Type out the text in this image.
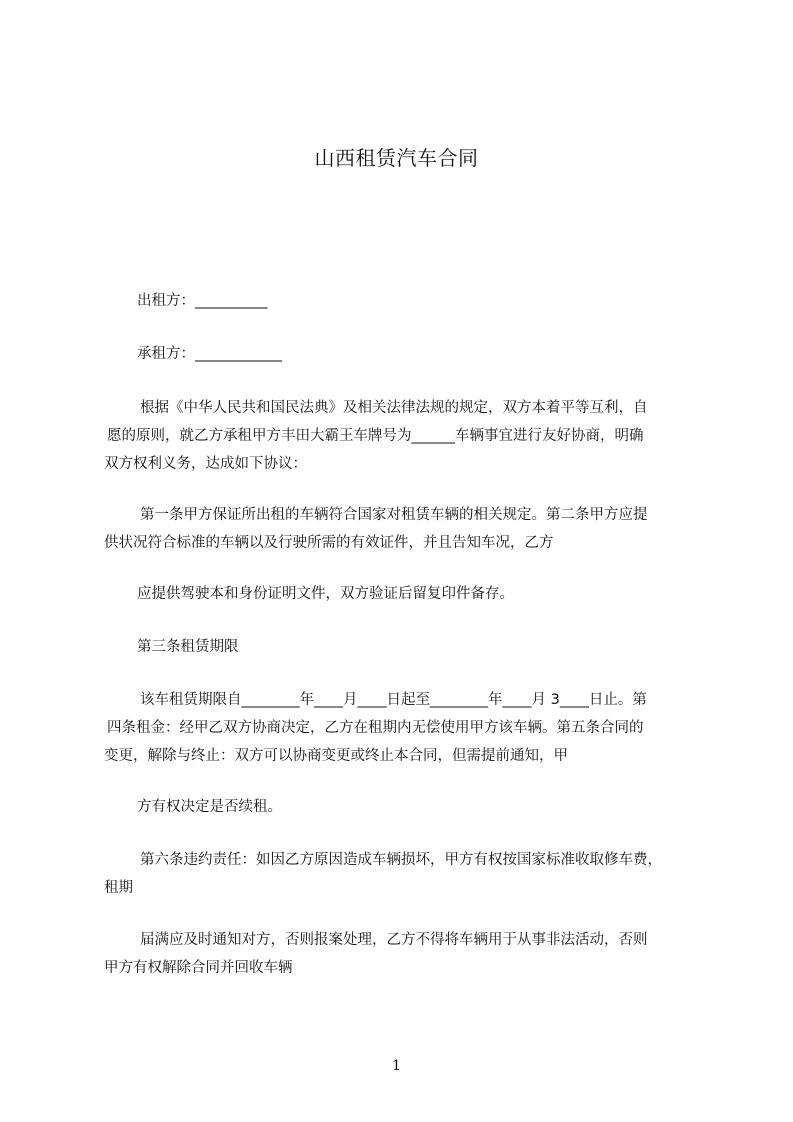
山西租赁汽车合同
出租方：__________
承租方：____________
根据《中华人民共和国民法典》及相关法律法规的规定，双方本着平等互利，自
愿的原则，就乙方承租甲方丰田大霸王车牌号为______车辆事宜进行友好协商，明确
双方权利义务，达成如下协议：
第一条甲方保证所出租的车辆符合国家对租赁车辆的相关规定。第二条甲方应提
供状况符合标准的车辆以及行驶所需的有效证件，并且告知车况，乙方
应提供驾驶本和身份证明文件，双方验证后留复印件备存。
第三条租赁期限
该车租赁期限自________年____月____日起至________年____月 3____日止。第
四条租金：经甲乙双方协商决定，乙方在租期内无偿使用甲方该车辆。第五条合同的
变更，解除与终止：双方可以协商变更或终止本合同，但需提前通知，甲
方有权决定是否续租。
第六条违约责任：如因乙方原因造成车辆损坏，甲方有权按国家标准收取修车费，
租期
届满应及时通知对方，否则报案处理，乙方不得将车辆用于从事非法活动，否则
甲方有权解除合同并回收车辆
1
